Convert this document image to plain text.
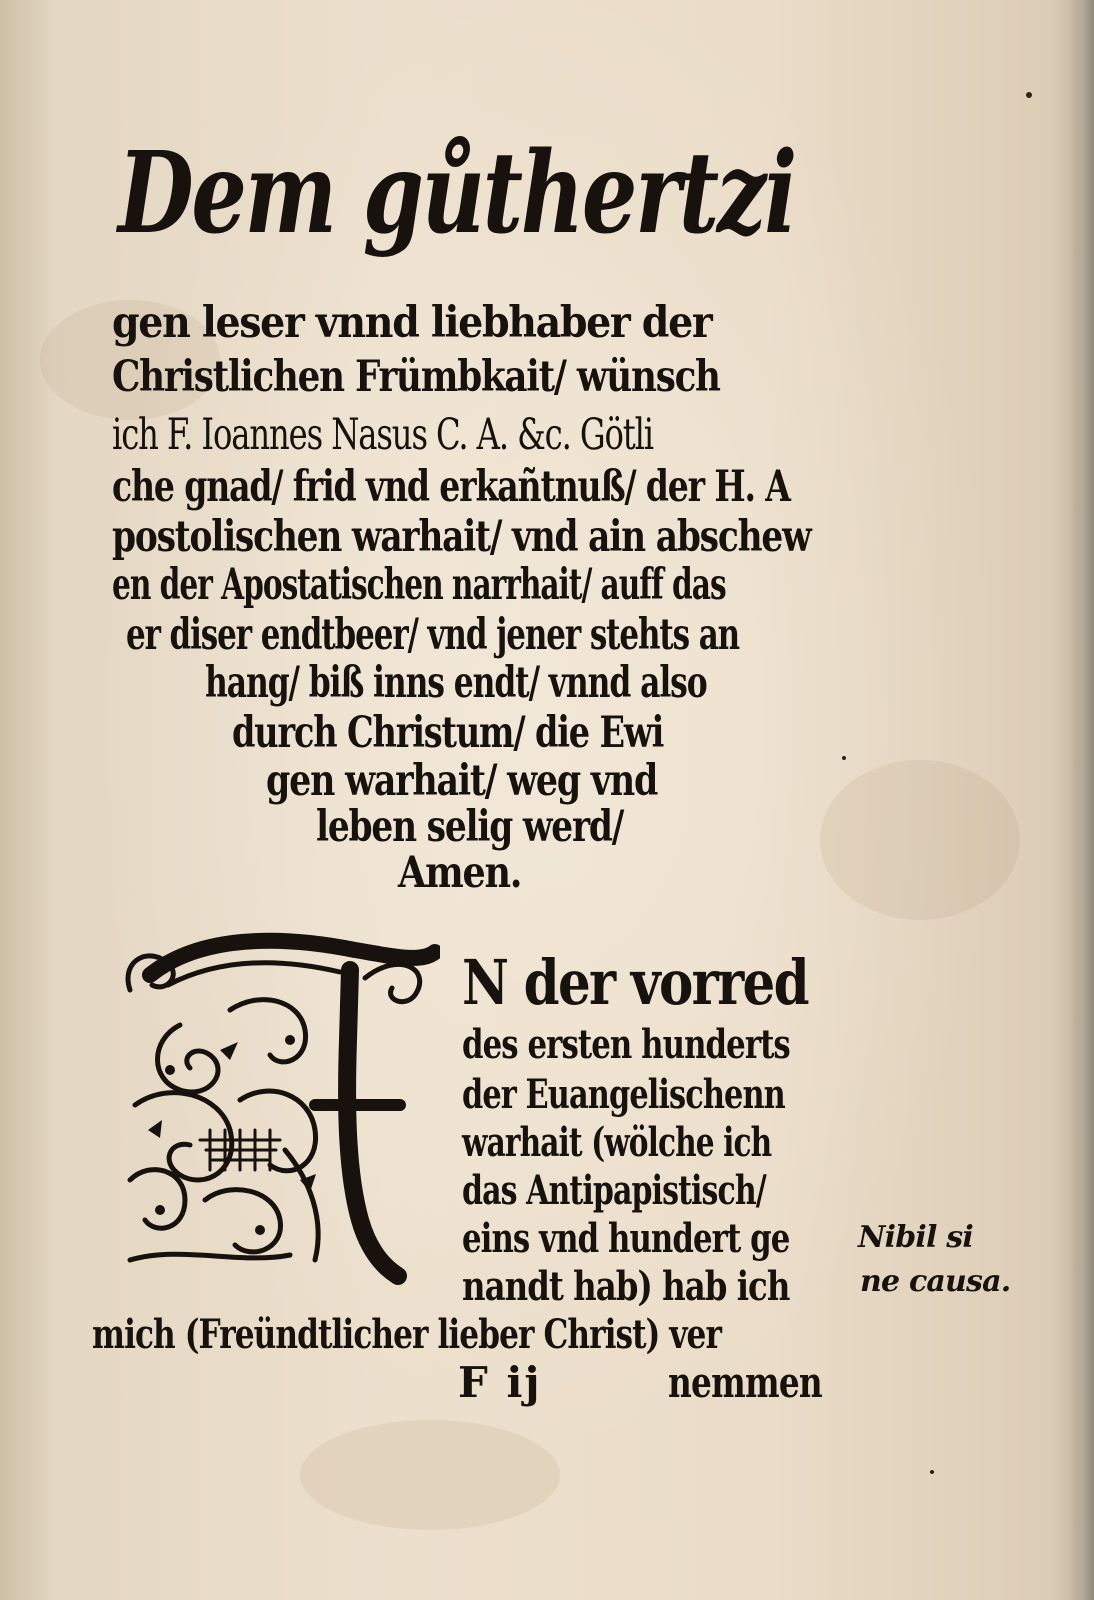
Dem gůthertzi

gen leser vnnd liebhaber der

Christlichen Frümbkait/ wünsch

ich F. Ioannes Nasus C. A. &c. Götli

che gnad/ frid vnd erkañtnuß/ der H. A

postolischen warhait/ vnd ain abschew

en der Apostatischen narrhait/ auff das

er diser endtbeer/ vnd jener stehts an

hang/ biß inns endt/ vnnd also

durch Christum/ die Ewi

gen warhait/ weg vnd

leben selig werd/

Amen.

N der vorred

des ersten hunderts

der Euangelischenn

warhait (wölche ich

das Antipapistisch/

eins vnd hundert ge

nandt hab) hab ich

mich (Freündtlicher lieber Christ) ver

Nibil si
ne causa.

F ij	nemmen
